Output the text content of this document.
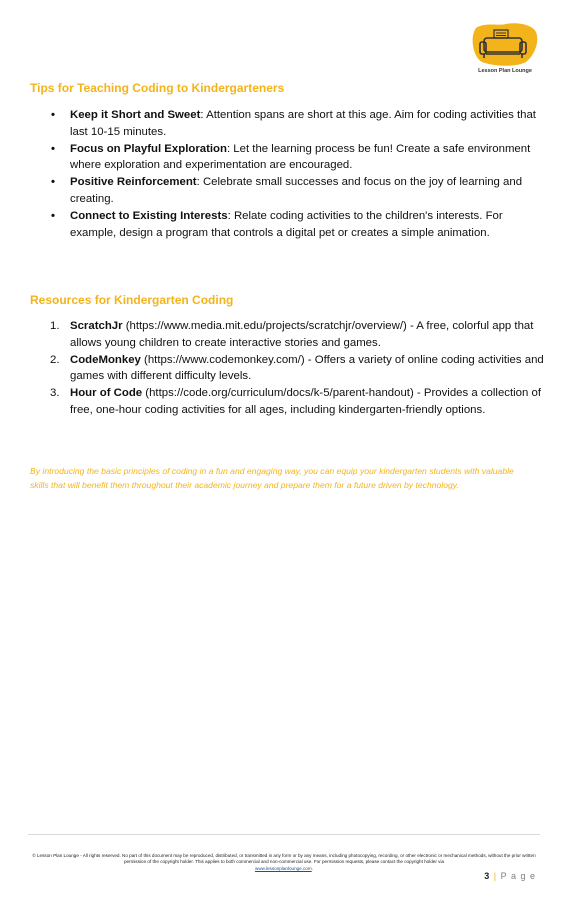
Lesson Plan Lounge
Tips for Teaching Coding to Kindergarteners
• Keep it Short and Sweet: Attention spans are short at this age. Aim for coding activities that last 10-15 minutes.
• Focus on Playful Exploration: Let the learning process be fun! Create a safe environment where exploration and experimentation are encouraged.
• Positive Reinforcement: Celebrate small successes and focus on the joy of learning and creating.
• Connect to Existing Interests: Relate coding activities to the children's interests. For example, design a program that controls a digital pet or creates a simple animation.
Resources for Kindergarten Coding
1. ScratchJr (https://www.media.mit.edu/projects/scratchjr/overview/) - A free, colorful app that allows young children to create interactive stories and games.
2. CodeMonkey (https://www.codemonkey.com/) - Offers a variety of online coding activities and games with different difficulty levels.
3. Hour of Code (https://code.org/curriculum/docs/k-5/parent-handout) - Provides a collection of free, one-hour coding activities for all ages, including kindergarten-friendly options.

By introducing the basic principles of coding in a fun and engaging way, you can equip your kindergarten students with valuable skills that will benefit them throughout their academic journey and prepare them for a future driven by technology.

© Lesson Plan Lounge - All rights reserved. No part of this document may be reproduced, distributed, or transmitted in any form or by any means, including photocopying, recording, or other electronic or mechanical methods, without the prior written permission of the copyright holder. This applies to both commercial and non-commercial use. For permission requests, please contact the copyright holder via
www.lessonplanlounge.com.
3 | P a g e
